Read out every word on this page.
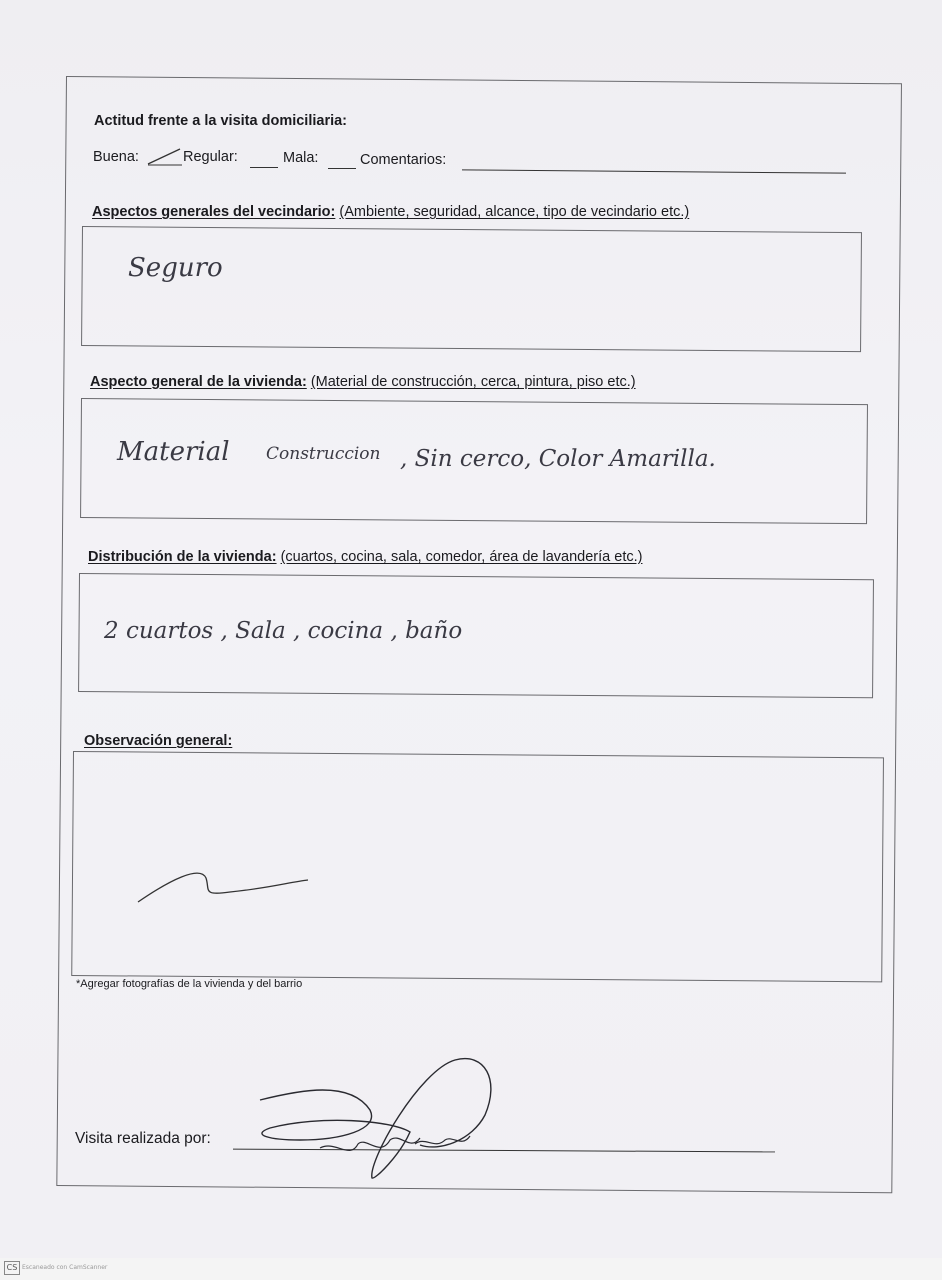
Actitud frente a la visita domiciliaria:
Buena:	Regular:	Mala:	Comentarios:
Aspectos generales del vecindario: (Ambiente, seguridad, alcance, tipo de vecindario etc.)
Seguro
Aspecto general de la vivienda: (Material de construcción, cerca, pintura, piso etc.)
Material Construccion , Sin cerco, Color Amarilla.
Distribución de la vivienda: (cuartos, cocina, sala, comedor, área de lavandería etc.)
2 cuartos , Sala , cocina , baño
Observación general:
*Agregar fotografías de la vivienda y del barrio
Visita realizada por:
CS Escaneado con CamScanner
